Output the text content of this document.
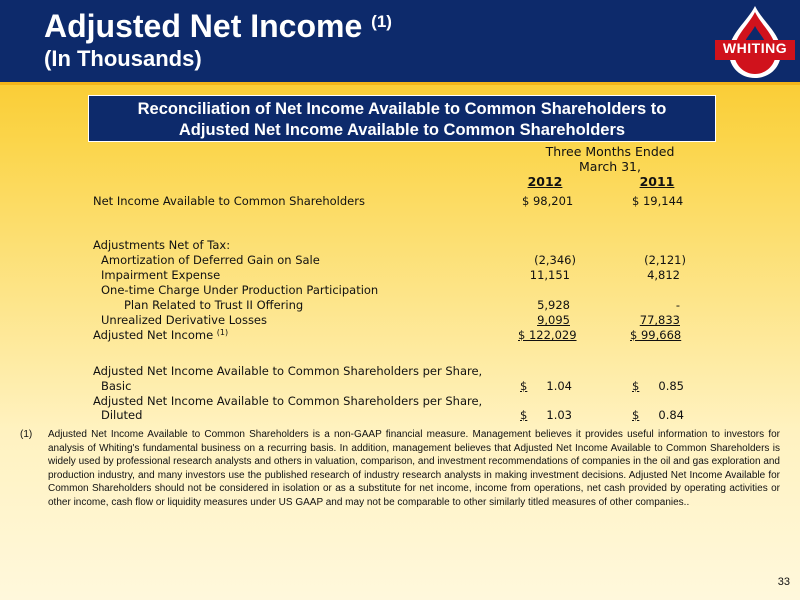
Adjusted Net Income $^{(1)}$
(In Thousands)	WHITING
Reconciliation of Net Income Available to Common Shareholders to
Adjusted Net Income Available to Common Shareholders
Three Months Ended
March 31,
2012	2011
Net Income Available to Common Shareholders	$ 98,201	$ 19,144
Adjustments Net of Tax:
Amortization of Deferred Gain on Sale	(2,346)	(2,121)
Impairment Expense	11,151	4,812
One-time Charge Under Production Participation
Plan Related to Trust II Offering	5,928	-
Unrealized Derivative Losses	9,095	77,833
Adjusted Net Income $^{(1)}$	$ 122,029	$ 99,668
Adjusted Net Income Available to Common Shareholders per Share,
Basic	$ 1.04	$ 0.85
Adjusted Net Income Available to Common Shareholders per Share,
Diluted	$ 1.03	$ 0.84
(1) Adjusted Net Income Available to Common Shareholders is a non-GAAP financial measure. Management believes it provides useful information to investors for analysis of Whiting's fundamental business on a recurring basis. In addition, management believes that Adjusted Net Income Available to Common Shareholders is widely used by professional research analysts and others in valuation, comparison, and investment recommendations of companies in the oil and gas exploration and production industry, and many investors use the published research of industry research analysts in making investment decisions. Adjusted Net Income Available for Common Shareholders should not be considered in isolation or as a substitute for net income, income from operations, net cash provided by operating activities or other income, cash flow or liquidity measures under US GAAP and may not be comparable to other similarly titled measures of other companies..
33
